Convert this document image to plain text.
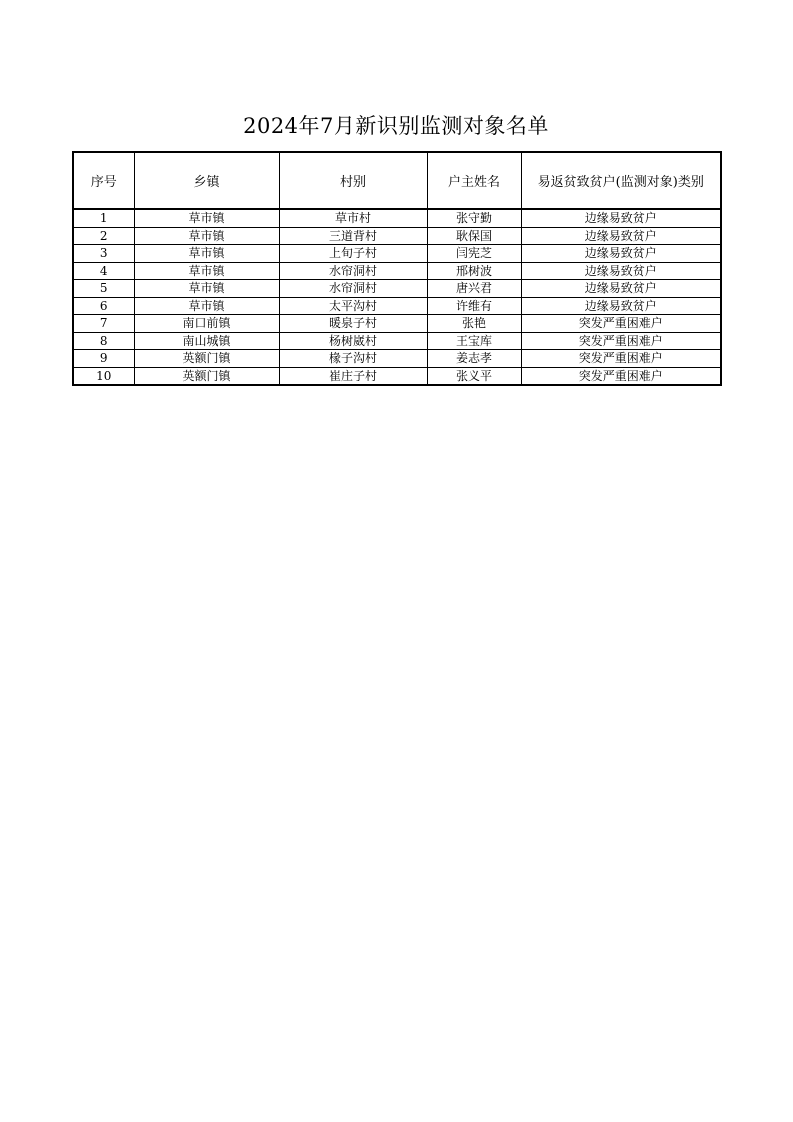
2024年7月新识别监测对象名单
序号	乡镇	村别	户主姓名	易返贫致贫户(监测对象)类别
1	草市镇	草市村	张守勤	边缘易致贫户
2	草市镇	三道背村	耿保国	边缘易致贫户
3	草市镇	上旬子村	闫宪芝	边缘易致贫户
4	草市镇	水帘洞村	邢树波	边缘易致贫户
5	草市镇	水帘洞村	唐兴君	边缘易致贫户
6	草市镇	太平沟村	许维有	边缘易致贫户
7	南口前镇	暖泉子村	张艳	突发严重困难户
8	南山城镇	杨树崴村	王宝库	突发严重困难户
9	英额门镇	椽子沟村	姜志孝	突发严重困难户
10	英额门镇	崔庄子村	张义平	突发严重困难户
